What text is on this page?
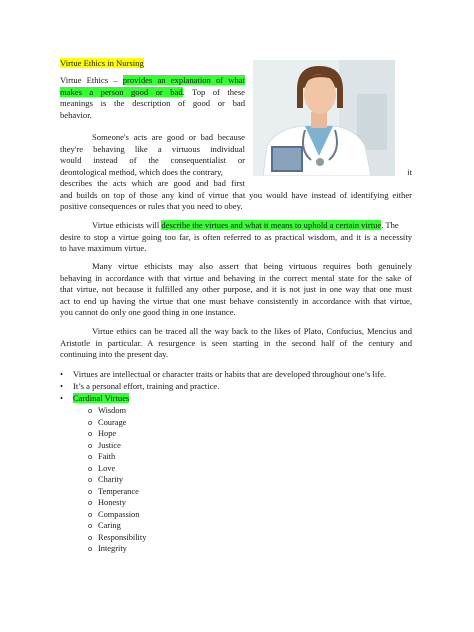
Virtue Ethics in Nursing
Virtue Ethics – provides an explanation of what
makes a person good or bad. Top of these
meanings is the description of good or bad
behavior.
Someone's acts are good or bad because
they're behaving like a virtuous individual
would instead of the consequentialist or
deontological method, which does the contrary,	it
describes the acts which are good and bad first
and builds on top of those any kind of virtue that you would have instead of identifying either
positive consequences or rules that you need to obey.
Virtue ethicists will describe the virtues and what it means to uphold a certain virtue. The
desire to stop a virtue going too far, is often referred to as practical wisdom, and it is a necessity
to have maximum virtue.
Many virtue ethicists may also assert that being virtuous requires both genuinely
behaving in accordance with that virtue and behaving in the correct mental state for the sake of
that virtue, not because it fulfilled any other purpose, and it is not just in one way that one must
act to end up having the virtue that one must behave consistently in accordance with that virtue,
you cannot do only one good thing in one instance.
Virtue ethics can be traced all the way back to the likes of Plato, Confucius, Mencius and
Aristotle in particular. A resurgence is seen starting in the second half of the century and
continuing into the present day.
• Virtues are intellectual or character traits or habits that are developed throughout one’s life.
• It’s a personal effort, training and practice.
• Cardinal Virtues
o Wisdom
o Courage
o Hope
o Justice
o Faith
o Love
o Charity
o Temperance
o Honesty
o Compassion
o Caring
o Responsibility
o Integrity
